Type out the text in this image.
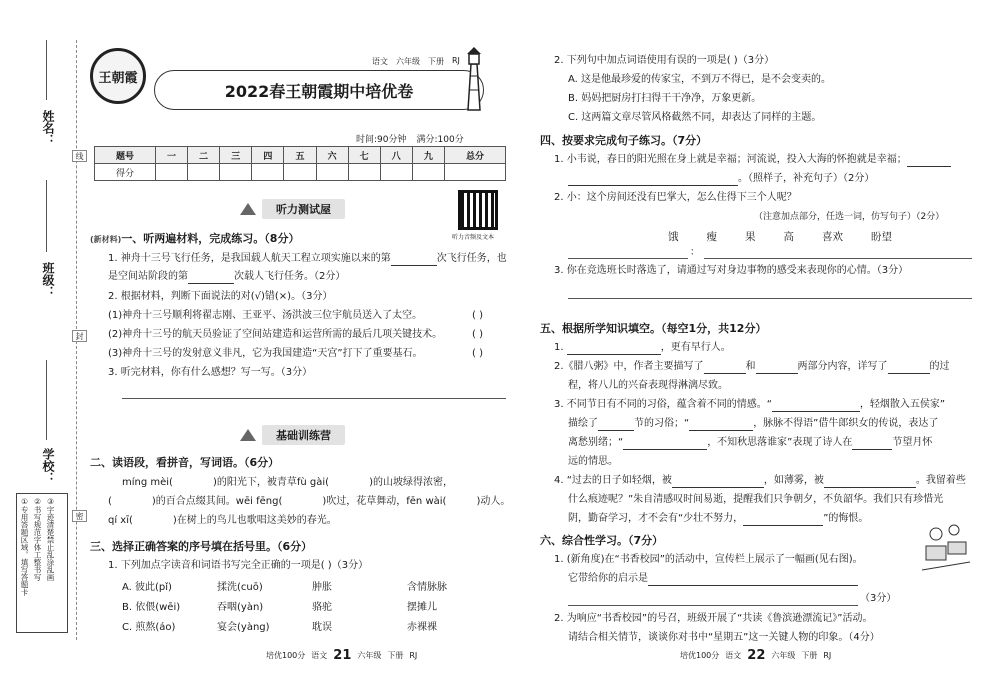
姓名：
班级：
学校：
线
封
密
①专用答题区域，填写答题卡 ②书写规范字体工整书写 ③字迹清楚禁止乱涂乱画
王朝霞
语文 六年级 下册 RJ
2022春王朝霞期中培优卷
时间:90分钟 满分:100分
题号	一	二	三	四	五	六	七	八	九	总分
得分										
听力测试屋
听力音频及文本
(新材料)一、听两遍材料，完成练习。（8分）
1. 神舟十三号飞行任务，是我国载人航天工程立项实施以来的第	次飞行任务，也
是空间站阶段的第	次载人飞行任务。（2分）
2. 根据材料，判断下面说法的对(√)错(×)。（3分）
(1)神舟十三号顺利将翟志刚、王亚平、汤洪波三位宇航员送入了太空。	( )
(2)神舟十三号的航天员验证了空间站建造和运营所需的最后几项关键技术。	( )
(3)神舟十三号的发射意义非凡，它为我国建造“天宫”打下了重要基石。	( )
3. 听完材料，你有什么感想？写一写。（3分）
基础训练营
二、读语段，看拼音，写词语。（6分）
míng mèi(	)的阳光下，被青草fù gài(	)的山坡绿得浓密，
(	)的百合点缀其间。wēi fēng(	)吹过，花草舞动，fēn wài(	)动人。
qí xī(	)在树上的鸟儿也歌唱这美妙的春光。
三、选择正确答案的序号填在括号里。（6分）
1. 下列加点字读音和词语书写完全正确的一项是( )（3分）
A. 彼此(pǐ)	揉洗(cuō)	肿胀	含情脉脉
B. 依偎(wēi)	吞咽(yàn)	骆驼	摆摊儿
C. 煎熬(áo)	宴会(yàng)	耽误	赤裸裸
培优100分 语文 21 六年级 下册 RJ
2. 下列句中加点词语使用有误的一项是( )（3分）
A. 这是他最珍爱的传家宝，不到万不得已，是不会变卖的。
B. 妈妈把厨房打扫得干干净净，万象更新。
C. 这两篇文章尽管风格截然不同，却表达了同样的主题。
四、按要求完成句子练习。（7分）
1. 小韦说，春日的阳光照在身上就是幸福；河流说，投入大海的怀抱就是幸福；
。（照样子，补充句子）（2分）
2. 小：这个房间还没有巴掌大，怎么住得下三个人呢？
（注意加点部分，任选一词，仿写句子）（2分）
饿	瘦	果	高	喜欢	盼望
：
3. 你在竞选班长时落选了，请通过写对身边事物的感受来表现你的心情。（3分）
五、根据所学知识填空。（每空1分，共12分）
1.	，更有早行人。
2.《腊八粥》中，作者主要描写了	和	两部分内容，详写了	的过
程，将八儿的兴奋表现得淋漓尽致。
3. 不同节日有不同的习俗，蕴含着不同的情感。“	，轻烟散入五侯家”
描绘了	节的习俗；“	，脉脉不得语”借牛郎织女的传说，表达了
离愁别绪；“	，不知秋思落谁家”表现了诗人在	节望月怀
远的情思。
4. “过去的日子如轻烟，被	，如薄雾，被	。我留着些
什么痕迹呢？”朱自清感叹时间易逝，提醒我们只争朝夕，不负韶华。我们只有珍惜光
阴，勤奋学习，才不会有“少壮不努力，	”的悔恨。
六、综合性学习。（7分）
1. (新角度)在“书香校园”的活动中，宣传栏上展示了一幅画(见右图)。
它带给你的启示是
（3分）
2. 为响应“书香校园”的号召，班级开展了“共读《鲁滨逊漂流记》”活动。
请结合相关情节，谈谈你对书中“星期五”这一关键人物的印象。（4分）
培优100分 语文 22 六年级 下册 RJ
